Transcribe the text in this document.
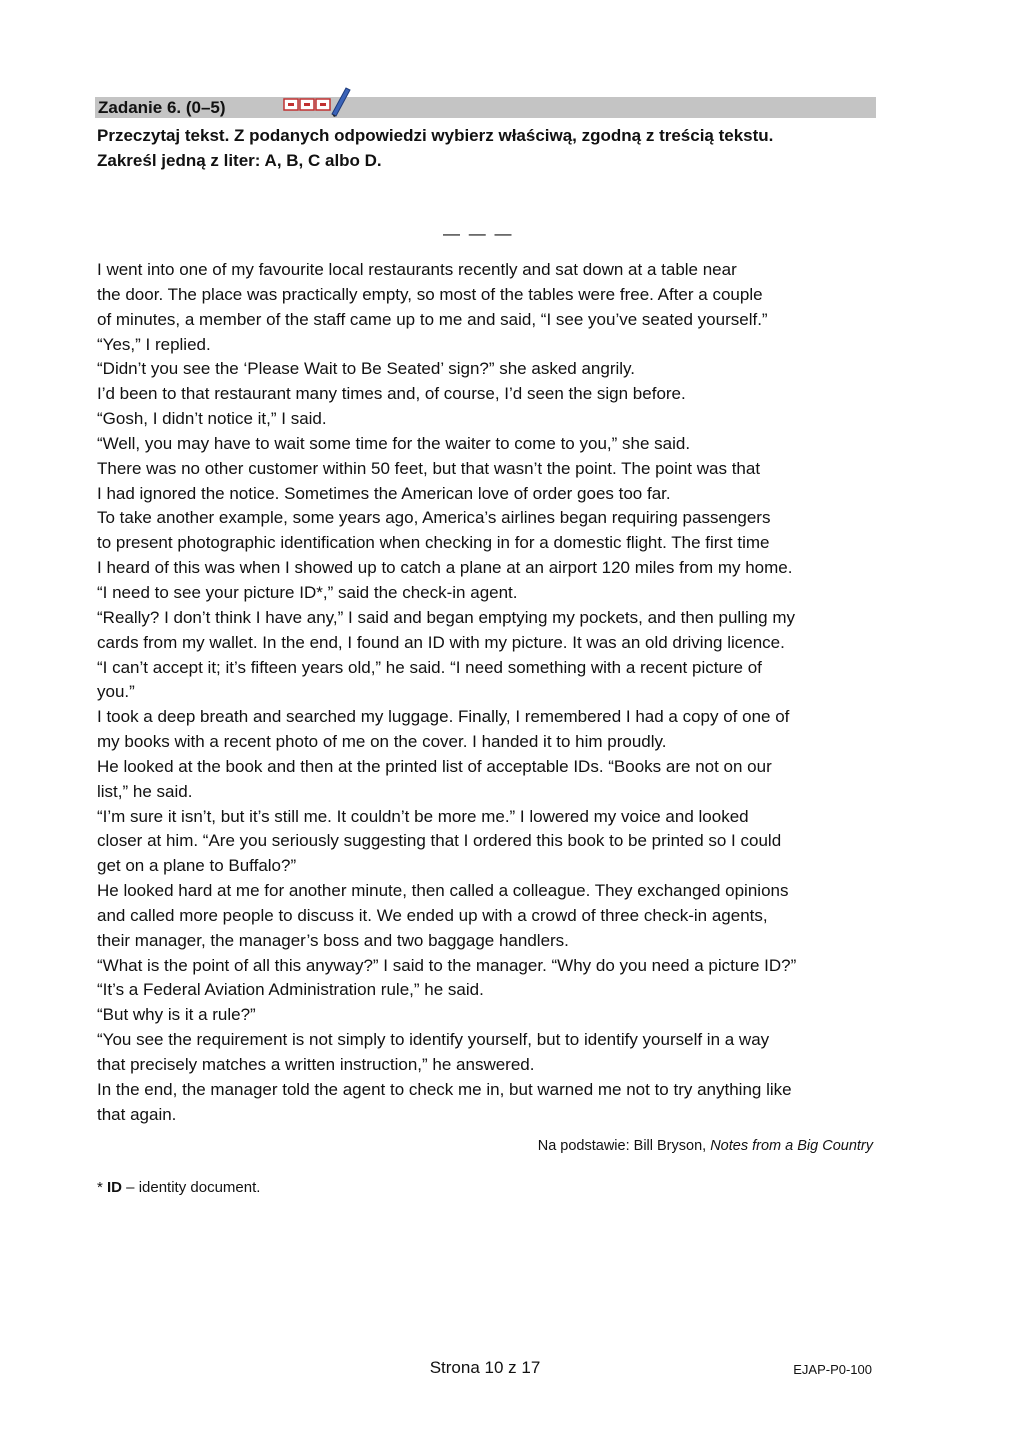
Zadanie 6. (0–5)
Przeczytaj tekst. Z podanych odpowiedzi wybierz właściwą, zgodną z treścią tekstu.
Zakreśl jedną z liter: A, B, C albo D.
— — —
I went into one of my favourite local restaurants recently and sat down at a table near
the door. The place was practically empty, so most of the tables were free. After a couple
of minutes, a member of the staff came up to me and said, “I see you’ve seated yourself.”
“Yes,” I replied.
“Didn’t you see the ‘Please Wait to Be Seated’ sign?” she asked angrily.
I’d been to that restaurant many times and, of course, I’d seen the sign before.
“Gosh, I didn’t notice it,” I said.
“Well, you may have to wait some time for the waiter to come to you,” she said.
There was no other customer within 50 feet, but that wasn’t the point. The point was that
I had ignored the notice. Sometimes the American love of order goes too far.
To take another example, some years ago, America’s airlines began requiring passengers
to present photographic identification when checking in for a domestic flight. The first time
I heard of this was when I showed up to catch a plane at an airport 120 miles from my home.
“I need to see your picture ID*,” said the check-in agent.
“Really? I don’t think I have any,” I said and began emptying my pockets, and then pulling my
cards from my wallet. In the end, I found an ID with my picture. It was an old driving licence.
“I can’t accept it; it’s fifteen years old,” he said. “I need something with a recent picture of
you.”
I took a deep breath and searched my luggage. Finally, I remembered I had a copy of one of
my books with a recent photo of me on the cover. I handed it to him proudly.
He looked at the book and then at the printed list of acceptable IDs. “Books are not on our
list,” he said.
“I’m sure it isn’t, but it’s still me. It couldn’t be more me.” I lowered my voice and looked
closer at him. “Are you seriously suggesting that I ordered this book to be printed so I could
get on a plane to Buffalo?”
He looked hard at me for another minute, then called a colleague. They exchanged opinions
and called more people to discuss it. We ended up with a crowd of three check-in agents,
their manager, the manager’s boss and two baggage handlers.
“What is the point of all this anyway?” I said to the manager. “Why do you need a picture ID?”
“It’s a Federal Aviation Administration rule,” he said.
“But why is it a rule?”
“You see the requirement is not simply to identify yourself, but to identify yourself in a way
that precisely matches a written instruction,” he answered.
In the end, the manager told the agent to check me in, but warned me not to try anything like
that again.
Na podstawie: Bill Bryson, Notes from a Big Country
* ID – identity document.
Strona 10 z 17	EJAP-P0-100
